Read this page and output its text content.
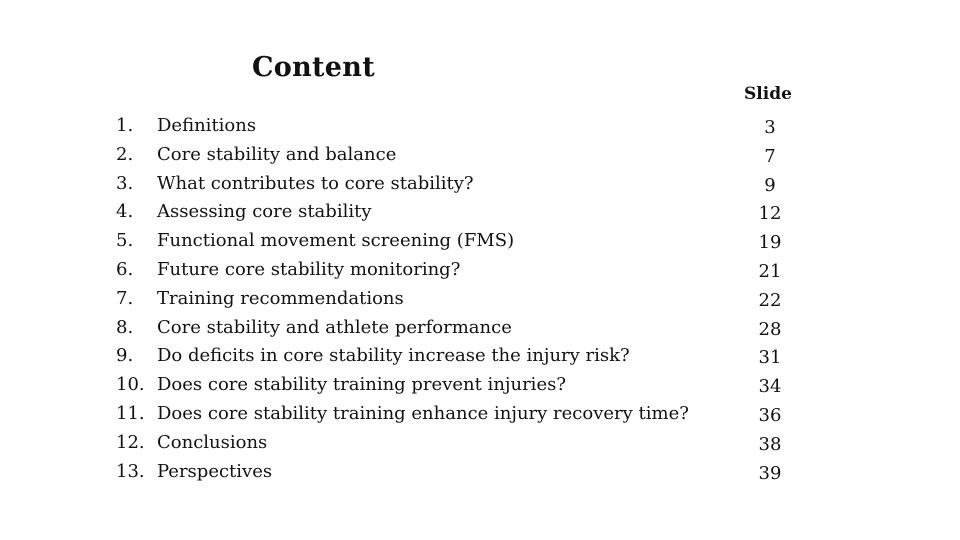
Content
Slide
1. Definitions
2. Core stability and balance
3. What contributes to core stability?
4. Assessing core stability
5. Functional movement screening (FMS)
6. Future core stability monitoring?
7. Training recommendations
8. Core stability and athlete performance
9. Do deficits in core stability increase the injury risk?
10. Does core stability training prevent injuries?
11. Does core stability training enhance injury recovery time?
12. Conclusions
13. Perspectives
3
7
9
12
19
21
22
28
31
34
36
38
39
